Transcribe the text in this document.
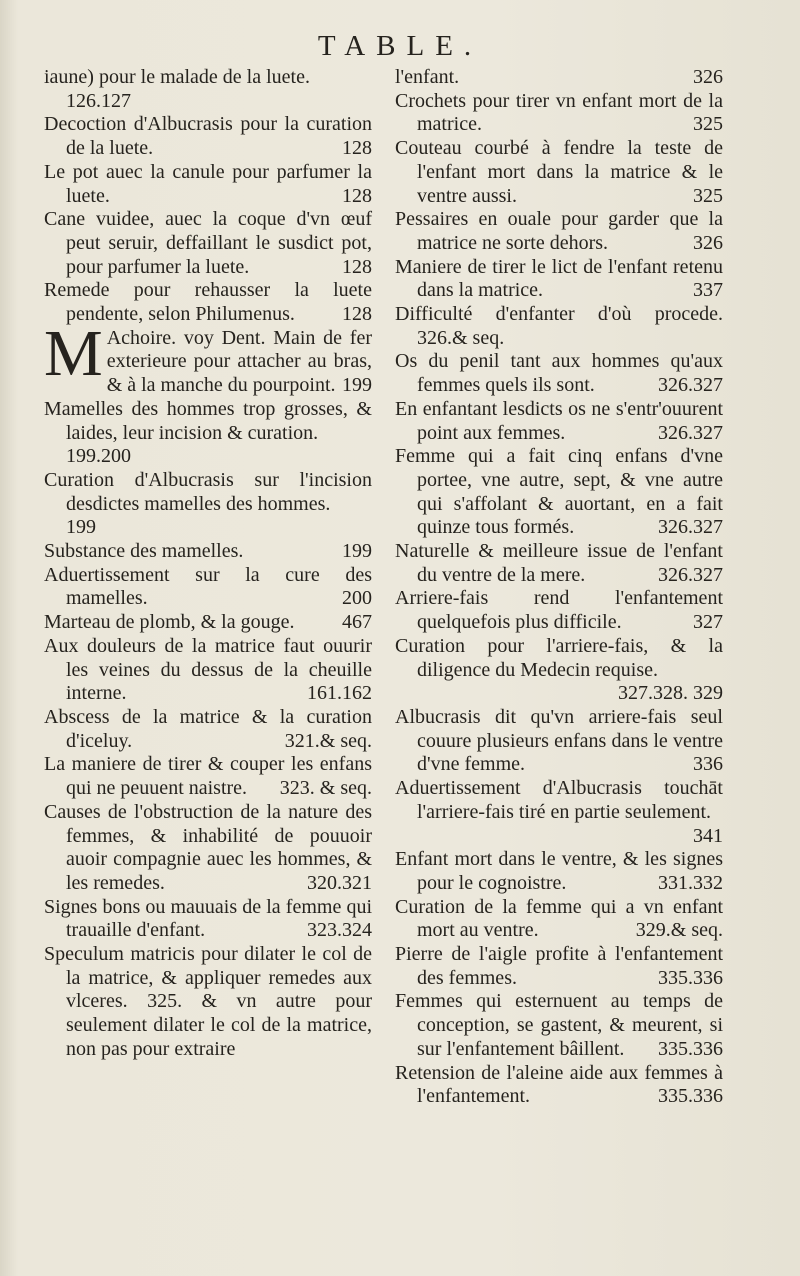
TABLE.

iaune) pour le malade de la luete.
126.127

Decoction d'Albucrasis pour la curation de la luete.	128

Le pot auec la canule pour parfumer la luete.	128

Cane vuidee, auec la coque d'vn œuf peut seruir, deffaillant le susdict pot, pour parfumer la luete.	128

Remede pour rehausser la luete pendente, selon Philumenus. 128

M Achoire. voy Dent. Main de fer exterieure pour attacher au bras, & à la manche du pourpoint. 199

Mamelles des hommes trop grosses, & laides, leur incision & curation.
199.200

Curation d'Albucrasis sur l'incision desdictes mamelles des hommes.
199

Substance des mamelles.	199

Aduertissement sur la cure des mamelles.	200

Marteau de plomb, & la gouge. 467

Aux douleurs de la matrice faut ouurir les veines du dessus de la cheuille interne.	161.162

Abscess de la matrice & la curation d'iceluy.	321.& seq.

La maniere de tirer & couper les enfans qui ne peuuent naistre. 323. & seq.

Causes de l'obstruction de la nature des femmes, & inhabilité de pouuoir auoir compagnie auec les hommes, & les remedes.	320.321

Signes bons ou mauuais de la femme qui trauaille d'enfant.	323.324

Speculum matricis pour dilater le col de la matrice, & appliquer remedes aux vlceres. 325. & vn autre pour seulement dilater le col de la matrice, non pas pour extraire

l'enfant.	326

Crochets pour tirer vn enfant mort de la matrice.	325

Couteau courbé à fendre la teste de l'enfant mort dans la matrice & le ventre aussi.	325

Pessaires en ouale pour garder que la matrice ne sorte dehors.	326

Maniere de tirer le lict de l'enfant retenu dans la matrice.	337

Difficulté d'enfanter d'où procede. 326.& seq.

Os du penil tant aux hommes qu'aux femmes quels ils sont.	326.327

En enfantant lesdicts os ne s'entr'ouurent point aux femmes.	326.327

Femme qui a fait cinq enfans d'vne portee, vne autre, sept, & vne autre qui s'affolant & auortant, en a fait quinze tous formés.	326.327

Naturelle & meilleure issue de l'enfant du ventre de la mere.	326.327

Arriere-fais rend l'enfantement quelquefois plus difficile.	327

Curation pour l'arriere-fais, & la diligence du Medecin requise.
327.328. 329

Albucrasis dit qu'vn arriere-fais seul couure plusieurs enfans dans le ventre d'vne femme.	336

Aduertissement d'Albucrasis touchāt l'arriere-fais tiré en partie seulement.
341

Enfant mort dans le ventre, & les signes pour le cognoistre.	331.332

Curation de la femme qui a vn enfant mort au ventre.	329.& seq.

Pierre de l'aigle profite à l'enfantement des femmes.	335.336

Femmes qui esternuent au temps de conception, se gastent, & meurent, si sur l'enfantement bâillent. 335.336

Retension de l'aleine aide aux femmes à l'enfantement.	335.336
